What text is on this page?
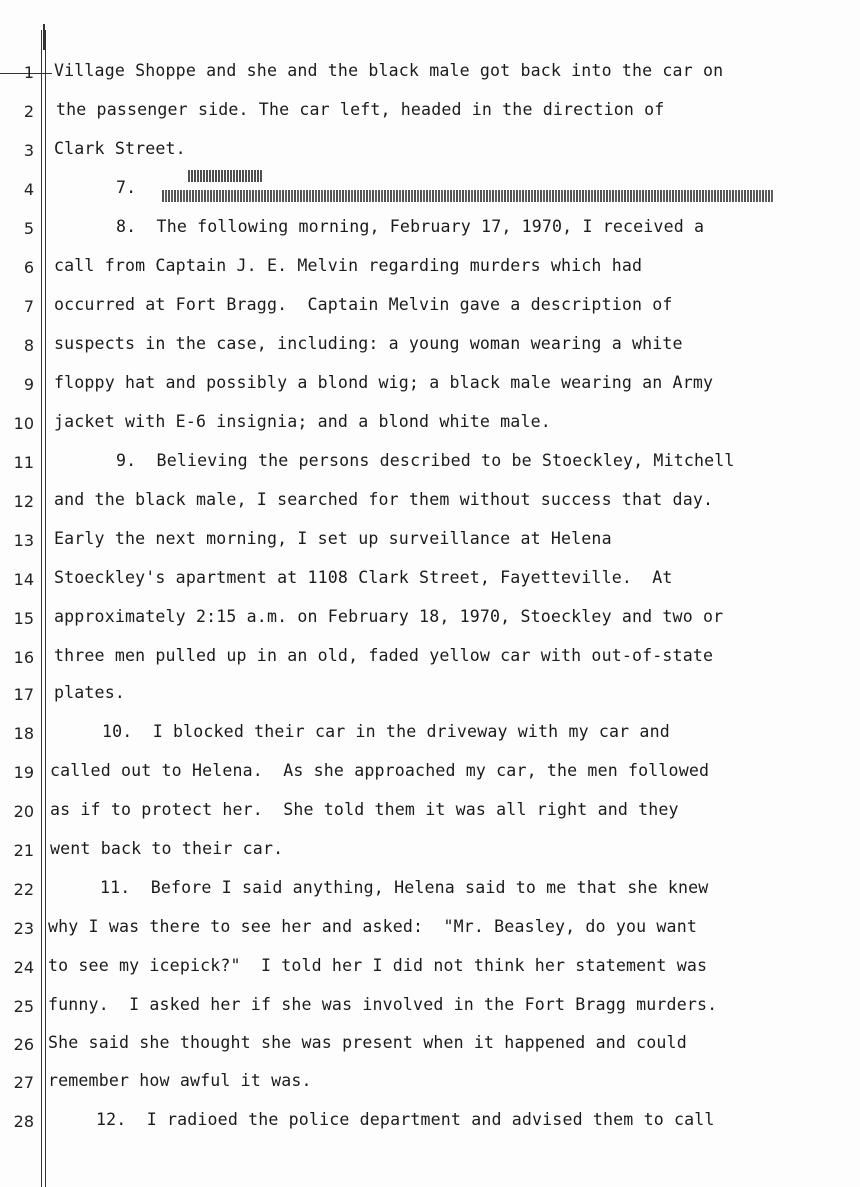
1 Village Shoppe and she and the black male got back into the car on
2 the passenger side. The car left, headed in the direction of
3 Clark Street.
4	7.
5	8.  The following morning, February 17, 1970, I received a
6 call from Captain J. E. Melvin regarding murders which had
7 occurred at Fort Bragg.  Captain Melvin gave a description of
8 suspects in the case, including: a young woman wearing a white
9 floppy hat and possibly a blond wig; a black male wearing an Army
10 jacket with E-6 insignia; and a blond white male.
11	9.  Believing the persons described to be Stoeckley, Mitchell
12 and the black male, I searched for them without success that day.
13 Early the next morning, I set up surveillance at Helena
14 Stoeckley's apartment at 1108 Clark Street, Fayetteville.  At
15 approximately 2:15 a.m. on February 18, 1970, Stoeckley and two or
16 three men pulled up in an old, faded yellow car with out-of-state
17 plates.
18	10.  I blocked their car in the driveway with my car and
19 called out to Helena.  As she approached my car, the men followed
20 as if to protect her.  She told them it was all right and they
21 went back to their car.
22	11.  Before I said anything, Helena said to me that she knew
23 why I was there to see her and asked:  "Mr. Beasley, do you want
24 to see my icepick?"  I told her I did not think her statement was
25 funny.  I asked her if she was involved in the Fort Bragg murders.
26 She said she thought she was present when it happened and could
27 remember how awful it was.
28	12.  I radioed the police department and advised them to call
